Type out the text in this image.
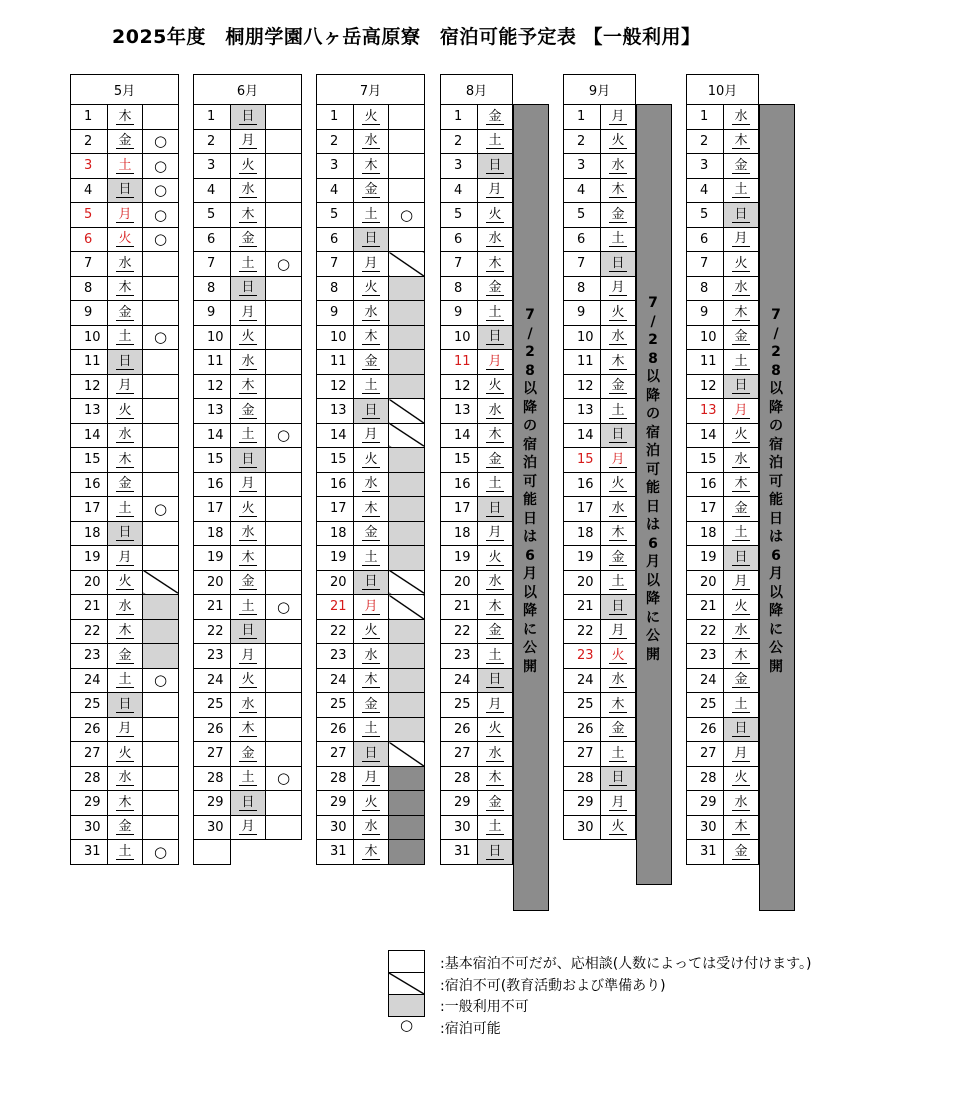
2025年度　桐朋学園八ヶ岳高原寮　宿泊可能予定表 【一般利用】
5月		
1	木	
2	金	○
3	土	○
4	日	○
5	月	○
6	火	○
7	水	
8	木	
9	金	
10	土	○
11	日	
12	月	
13	火	
14	水	
15	木	
16	金	
17	土	○
18	日	
19	月	
20	火	
21	水	
22	木	
23	金	
24	土	○
25	日	
26	月	
27	火	
28	水	
29	木	
30	金	
31	土	○
6月		
1	日	
2	月	
3	火	
4	水	
5	木	
6	金	
7	土	○
8	日	
9	月	
10	火	
11	水	
12	木	
13	金	
14	土	○
15	日	
16	月	
17	火	
18	水	
19	木	
20	金	
21	土	○
22	日	
23	月	
24	火	
25	水	
26	木	
27	金	
28	土	○
29	日	
30	月	

7月		
1	火	
2	水	
3	木	
4	金	
5	土	○
6	日	
7	月	
8	火	
9	水	
10	木	
11	金	
12	土	
13	日	
14	月	
15	火	
16	水	
17	木	
18	金	
19	土	
20	日	
21	月	
22	火	
23	水	
24	木	
25	金	
26	土	
27	日	
28	月	
29	火	
30	水	
31	木	
8月	
1	金
2	土
3	日
4	月
5	火
6	水
7	木
8	金
9	土
10	日
11	月
12	火
13	水
14	木
15	金
16	土
17	日
18	月
19	火
20	水
21	木
22	金
23	土
24	日
25	月
26	火
27	水
28	木
29	金
30	土
31	日
7
/
2
8
以
降
の
宿
泊
可
能
日
は
6
月
以
降
に
公
開
9月	
1	月
2	火
3	水
4	木
5	金
6	土
7	日
8	月
9	火
10	水
11	木
12	金
13	土
14	日
15	月
16	火
17	水
18	木
19	金
20	土
21	日
22	月
23	火
24	水
25	木
26	金
27	土
28	日
29	月
30	火

7
/
2
8
以
降
の
宿
泊
可
能
日
は
6
月
以
降
に
公
開
10月	
1	水
2	木
3	金
4	土
5	日
6	月
7	火
8	水
9	木
10	金
11	土
12	日
13	月
14	火
15	水
16	木
17	金
18	土
19	日
20	月
21	火
22	水
23	木
24	金
25	土
26	日
27	月
28	火
29	水
30	木
31	金
7
/
2
8
以
降
の
宿
泊
可
能
日
は
6
月
以
降
に
公
開
:基本宿泊不可だが、応相談(人数によっては受け付けます。)
:宿泊不可(教育活動および準備あり)
:一般利用不可
○ :宿泊可能
